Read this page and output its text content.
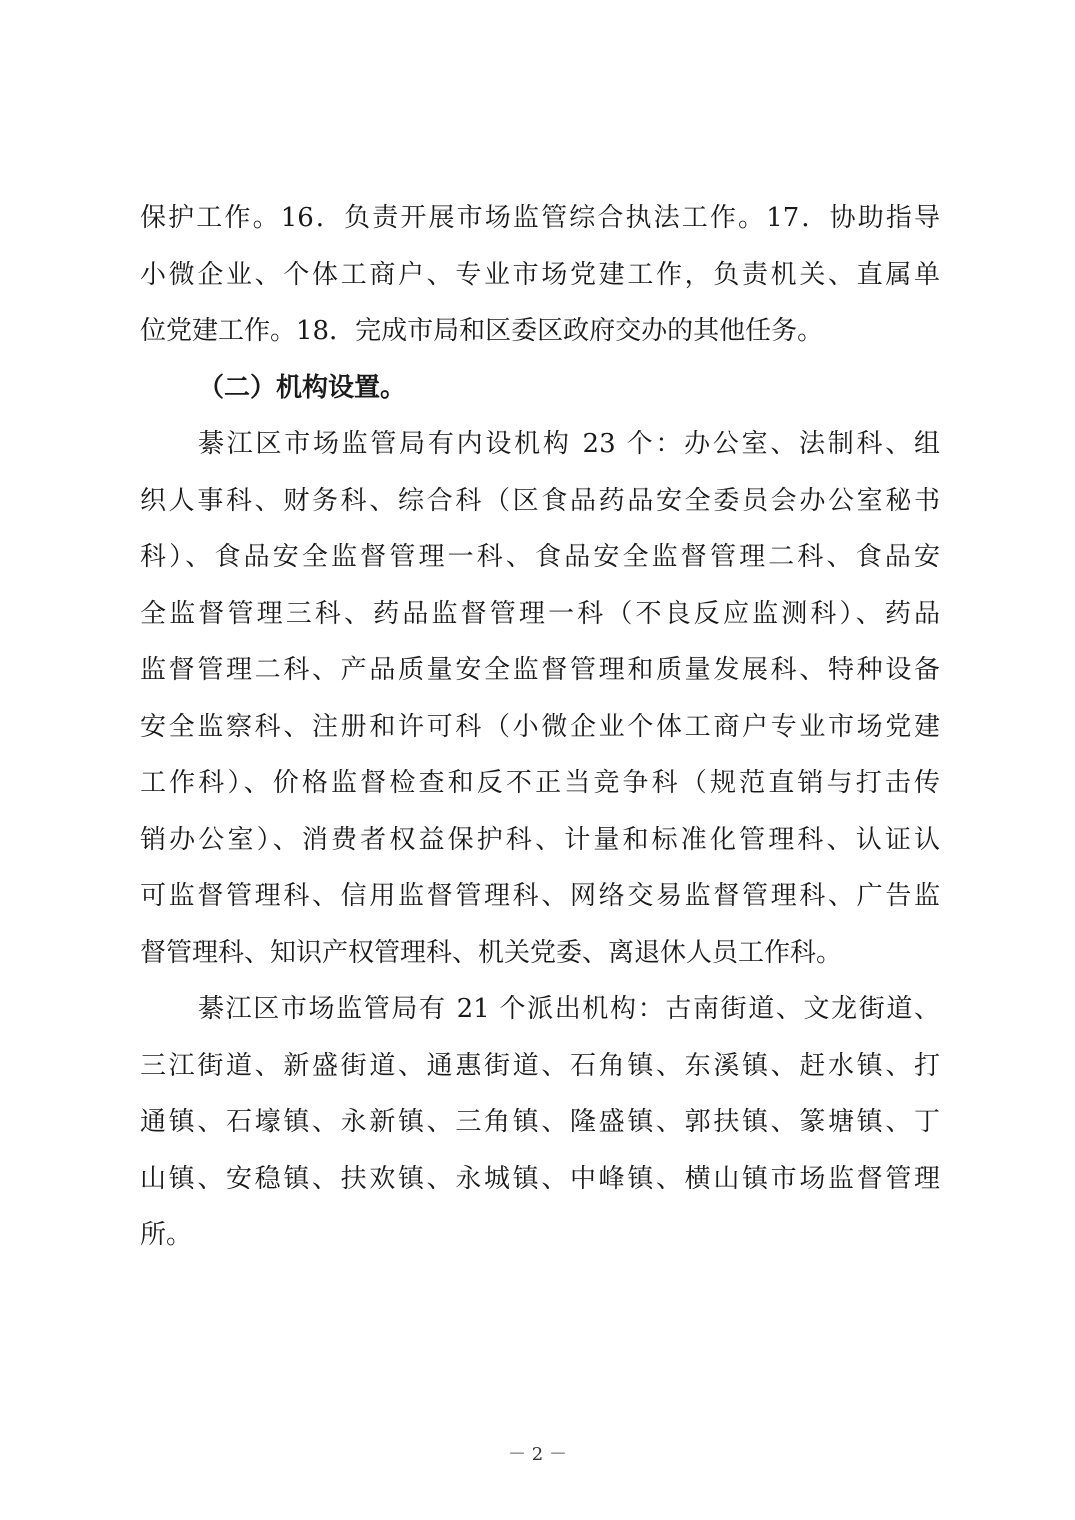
保护工作。16．负责开展市场监管综合执法工作。17．协助指导
小微企业、个体工商户、专业市场党建工作，负责机关、直属单
位党建工作。18．完成市局和区委区政府交办的其他任务。
（二）机构设置。
綦江区市场监管局有内设机构 23 个：办公室、法制科、组
织人事科、财务科、综合科（区食品药品安全委员会办公室秘书
科）、食品安全监督管理一科、食品安全监督管理二科、食品安
全监督管理三科、药品监督管理一科（不良反应监测科）、药品
监督管理二科、产品质量安全监督管理和质量发展科、特种设备
安全监察科、注册和许可科（小微企业个体工商户专业市场党建
工作科）、价格监督检查和反不正当竞争科（规范直销与打击传
销办公室）、消费者权益保护科、计量和标准化管理科、认证认
可监督管理科、信用监督管理科、网络交易监督管理科、广告监
督管理科、知识产权管理科、机关党委、离退休人员工作科。
綦江区市场监管局有 21 个派出机构：古南街道、文龙街道、
三江街道、新盛街道、通惠街道、石角镇、东溪镇、赶水镇、打
通镇、石壕镇、永新镇、三角镇、隆盛镇、郭扶镇、篆塘镇、丁
山镇、安稳镇、扶欢镇、永城镇、中峰镇、横山镇市场监督管理
所。
－ 2 －
